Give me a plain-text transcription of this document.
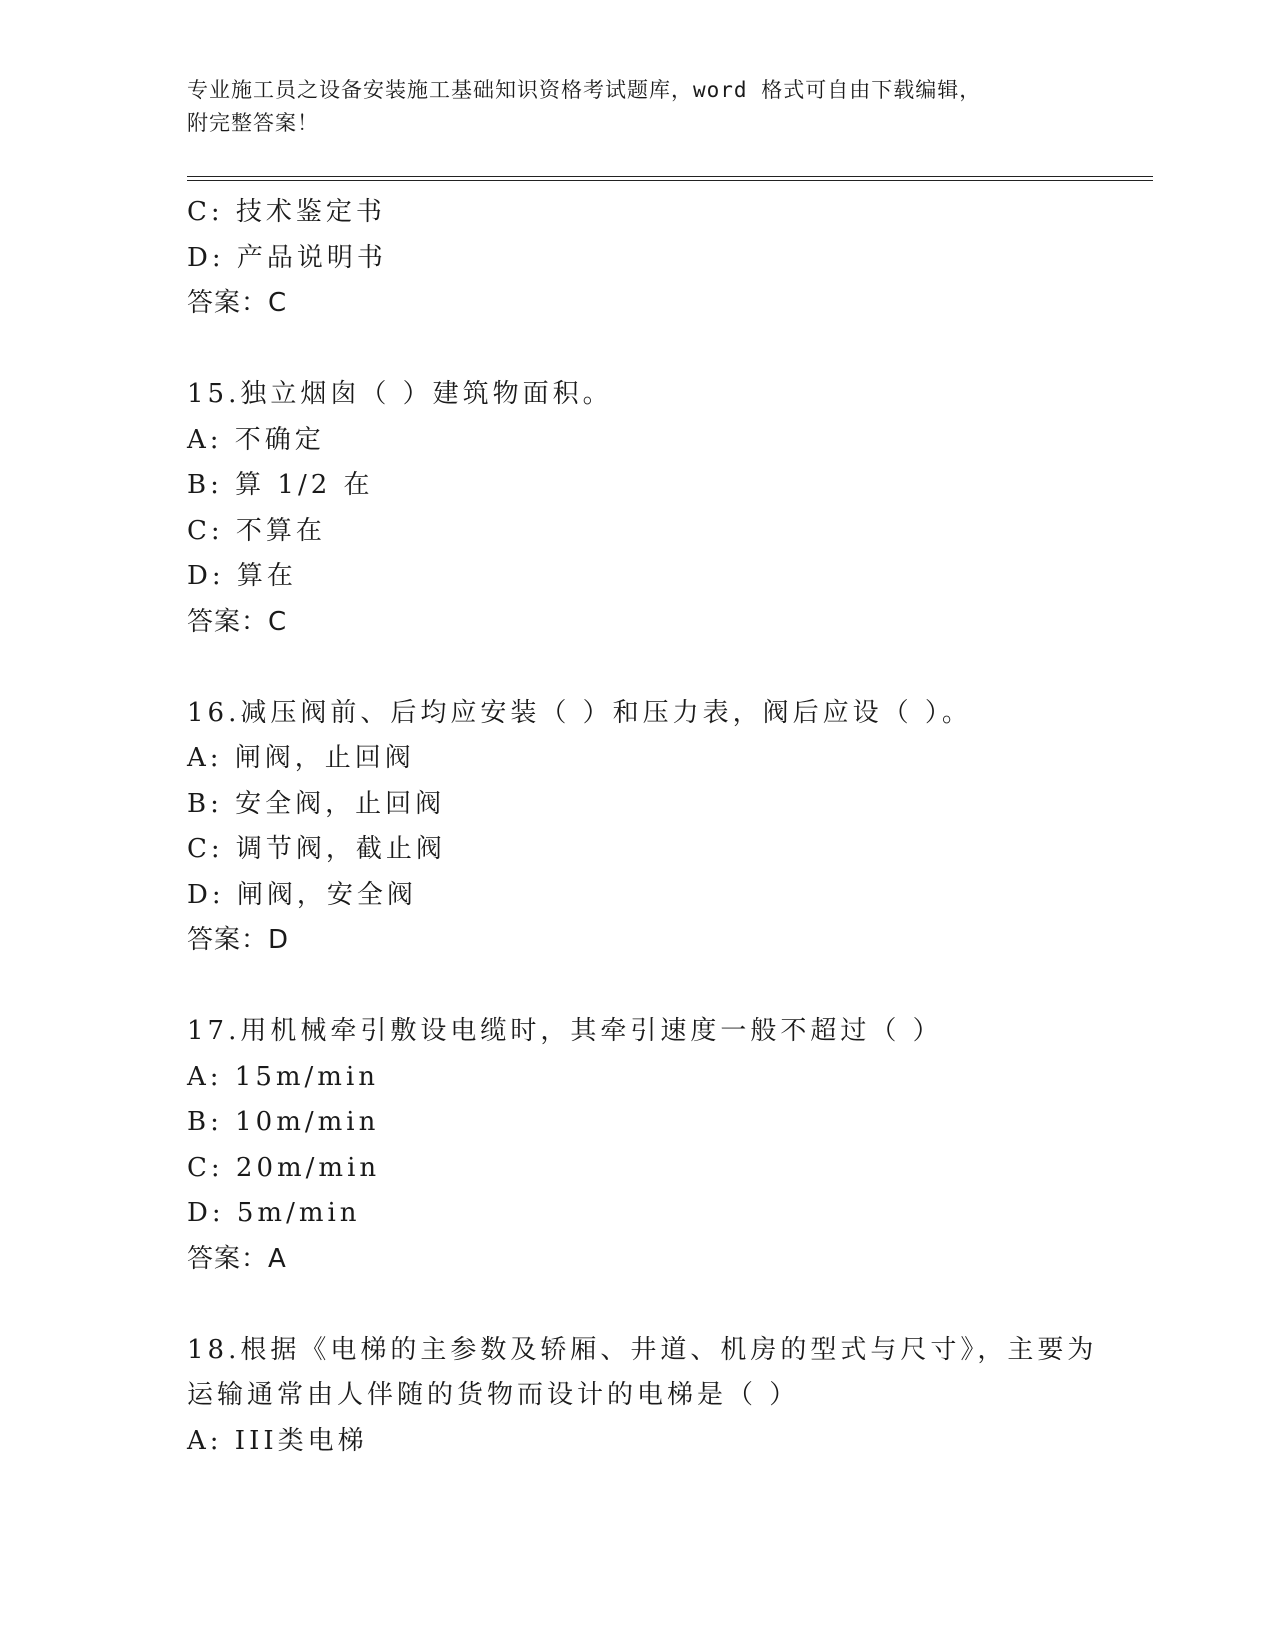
专业施工员之设备安装施工基础知识资格考试题库，word 格式可自由下载编辑，
附完整答案！
C: 技术鉴定书
D: 产品说明书
答案：C
15.独立烟囱（ ）建筑物面积。
A: 不确定
B: 算 1/2 在
C: 不算在
D: 算在
答案：C
16.减压阀前、后均应安装（ ）和压力表，阀后应设（ ）。
A: 闸阀，止回阀
B: 安全阀，止回阀
C: 调节阀，截止阀
D: 闸阀，安全阀
答案：D
17.用机械牵引敷设电缆时，其牵引速度一般不超过（ ）
A: 15m/min
B: 10m/min
C: 20m/min
D: 5m/min
答案：A
18.根据《电梯的主参数及轿厢、井道、机房的型式与尺寸》，主要为
运输通常由人伴随的货物而设计的电梯是（ ）
A: III类电梯
